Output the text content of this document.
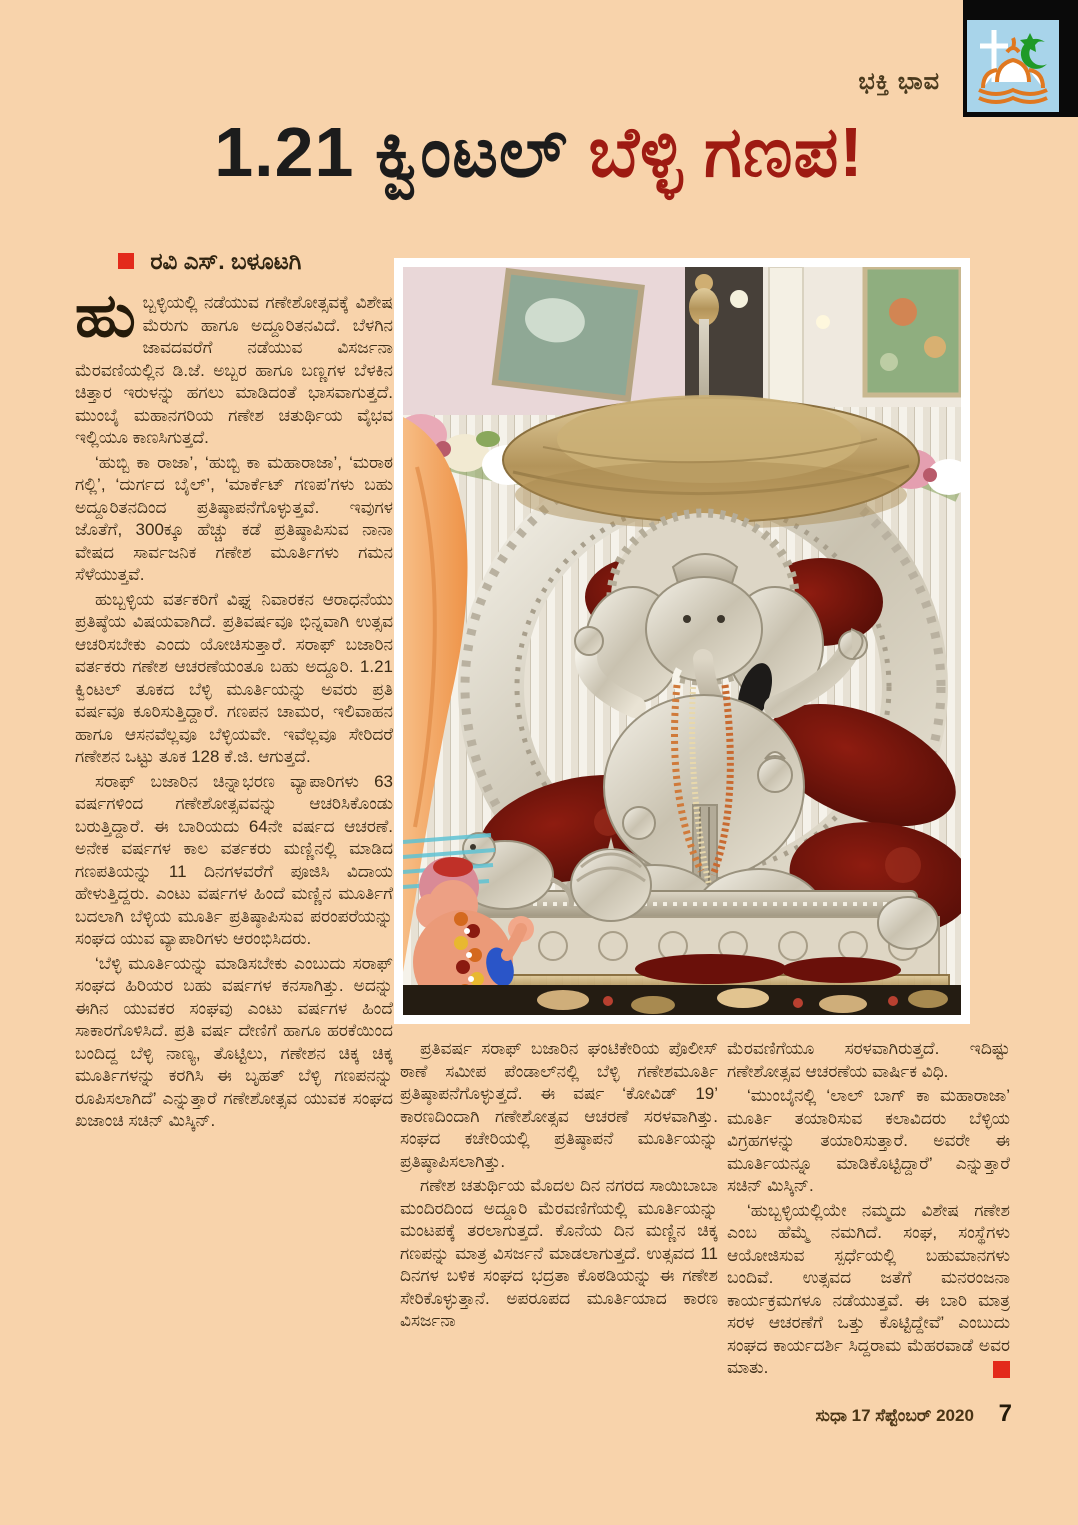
ಭಕ್ತಿ ಭಾವ
1.21 ಕ್ವಿಂಟಲ್ ಬೆಳ್ಳಿ ಗಣಪ!
ರವಿ ಎಸ್. ಬಳೂಟಗಿ

ಹುಬ್ಬಳ್ಳಿಯಲ್ಲಿ ನಡೆಯುವ ಗಣೇಶೋತ್ಸವಕ್ಕೆ ವಿಶೇಷ ಮೆರುಗು ಹಾಗೂ ಅದ್ದೂರಿತನವಿದೆ. ಬೆಳಗಿನ ಜಾವದವರೆಗೆ ನಡೆಯುವ ವಿಸರ್ಜನಾ ಮೆರವಣಿಯಲ್ಲಿನ ಡಿ.ಜೆ. ಅಬ್ಬರ ಹಾಗೂ ಬಣ್ಣಗಳ ಬೆಳಕಿನ ಚಿತ್ತಾರ ಇರುಳನ್ನು ಹಗಲು ಮಾಡಿದಂತೆ ಭಾಸವಾಗುತ್ತದೆ. ಮುಂಬೈ ಮಹಾನಗರಿಯ ಗಣೇಶ ಚತುರ್ಥಿಯ ವೈಭವ ಇಲ್ಲಿಯೂ ಕಾಣಸಿಗುತ್ತದೆ.

‘ಹುಬ್ಬಿ ಕಾ ರಾಜಾ’, ‘ಹುಬ್ಬಿ ಕಾ ಮಹಾರಾಜಾ’, ‘ಮರಾಠ ಗಲ್ಲಿ’, ‘ದುರ್ಗದ ಬೈಲ್’, ‘ಮಾರ್ಕೆಟ್ ಗಣಪ’ಗಳು ಬಹು ಅದ್ದೂರಿತನದಿಂದ ಪ್ರತಿಷ್ಠಾಪನೆಗೊಳ್ಳುತ್ತವೆ. ಇವುಗಳ ಜೊತೆಗೆ, 300ಕ್ಕೂ ಹೆಚ್ಚು ಕಡೆ ಪ್ರತಿಷ್ಠಾಪಿಸುವ ನಾನಾ ವೇಷದ ಸಾರ್ವಜನಿಕ ಗಣೇಶ ಮೂರ್ತಿಗಳು ಗಮನ ಸೆಳೆಯುತ್ತವೆ.

ಹುಬ್ಬಳ್ಳಿಯ ವರ್ತಕರಿಗೆ ವಿಘ್ನ ನಿವಾರಕನ ಆರಾಧನೆಯು ಪ್ರತಿಷ್ಠೆಯ ವಿಷಯವಾಗಿದೆ. ಪ್ರತಿವರ್ಷವೂ ಭಿನ್ನವಾಗಿ ಉತ್ಸವ ಆಚರಿಸಬೇಕು ಎಂದು ಯೋಚಿಸುತ್ತಾರೆ. ಸರಾಫ್ ಬಜಾರಿನ ವರ್ತಕರು ಗಣೇಶ ಆಚರಣೆಯಂತೂ ಬಹು ಅದ್ದೂರಿ. 1.21 ಕ್ವಿಂಟಲ್ ತೂಕದ ಬೆಳ್ಳಿ ಮೂರ್ತಿಯನ್ನು ಅವರು ಪ್ರತಿ ವರ್ಷವೂ ಕೂರಿಸುತ್ತಿದ್ದಾರೆ. ಗಣಪನ ಚಾಮರ, ಇಲಿವಾಹನ ಹಾಗೂ ಆಸನವೆಲ್ಲವೂ ಬೆಳ್ಳಿಯವೇ. ಇವೆಲ್ಲವೂ ಸೇರಿದರೆ ಗಣೇಶನ ಒಟ್ಟು ತೂಕ 128 ಕೆ.ಜಿ. ಆಗುತ್ತದೆ.

ಸರಾಫ್ ಬಜಾರಿನ ಚಿನ್ನಾಭರಣ ವ್ಯಾಪಾರಿಗಳು 63 ವರ್ಷಗಳಿಂದ ಗಣೇಶೋತ್ಸವವನ್ನು ಆಚರಿಸಿಕೊಂಡು ಬರುತ್ತಿದ್ದಾರೆ. ಈ ಬಾರಿಯದು 64ನೇ ವರ್ಷದ ಆಚರಣೆ. ಅನೇಕ ವರ್ಷಗಳ ಕಾಲ ವರ್ತಕರು ಮಣ್ಣಿನಲ್ಲಿ ಮಾಡಿದ ಗಣಪತಿಯನ್ನು 11 ದಿನಗಳವರೆಗೆ ಪೂಜಿಸಿ ವಿದಾಯ ಹೇಳುತ್ತಿದ್ದರು. ಎಂಟು ವರ್ಷಗಳ ಹಿಂದೆ ಮಣ್ಣಿನ ಮೂರ್ತಿಗೆ ಬದಲಾಗಿ ಬೆಳ್ಳಿಯ ಮೂರ್ತಿ ಪ್ರತಿಷ್ಠಾಪಿಸುವ ಪರಂಪರೆಯನ್ನು ಸಂಘದ ಯುವ ವ್ಯಾಪಾರಿಗಳು ಆರಂಭಿಸಿದರು.

‘ಬೆಳ್ಳಿ ಮೂರ್ತಿಯನ್ನು ಮಾಡಿಸಬೇಕು ಎಂಬುದು ಸರಾಫ್ ಸಂಘದ ಹಿರಿಯರ ಬಹು ವರ್ಷಗಳ ಕನಸಾಗಿತ್ತು. ಅದನ್ನು ಈಗಿನ ಯುವಕರ ಸಂಘವು ಎಂಟು ವರ್ಷಗಳ ಹಿಂದೆ ಸಾಕಾರಗೊಳಿಸಿದೆ. ಪ್ರತಿ ವರ್ಷ ದೇಣಿಗೆ ಹಾಗೂ ಹರಕೆಯಿಂದ ಬಂದಿದ್ದ ಬೆಳ್ಳಿ ನಾಣ್ಯ, ತೊಟ್ಟಿಲು, ಗಣೇಶನ ಚಿಕ್ಕ ಚಿಕ್ಕ ಮೂರ್ತಿಗಳನ್ನು ಕರಗಿಸಿ ಈ ಬೃಹತ್ ಬೆಳ್ಳಿ ಗಣಪನನ್ನು ರೂಪಿಸಲಾಗಿದೆ’ ಎನ್ನುತ್ತಾರೆ ಗಣೇಶೋತ್ಸವ ಯುವಕ ಸಂಘದ ಖಜಾಂಚಿ ಸಚಿನ್ ಮಿಸ್ಕಿನ್.

ಪ್ರತಿವರ್ಷ ಸರಾಫ್ ಬಜಾರಿನ ಘಂಟಿಕೇರಿಯ ಪೊಲೀಸ್ ಠಾಣೆ ಸಮೀಪ ಪೆಂಡಾಲ್‌ನಲ್ಲಿ ಬೆಳ್ಳಿ ಗಣೇಶಮೂರ್ತಿ ಪ್ರತಿಷ್ಠಾಪನೆಗೊಳ್ಳುತ್ತದೆ. ಈ ವರ್ಷ ‘ಕೋವಿಡ್ 19’ ಕಾರಣದಿಂದಾಗಿ ಗಣೇಶೋತ್ಸವ ಆಚರಣೆ ಸರಳವಾಗಿತ್ತು. ಸಂಘದ ಕಚೇರಿಯಲ್ಲಿ ಪ್ರತಿಷ್ಠಾಪನೆ ಮೂರ್ತಿಯನ್ನು ಪ್ರತಿಷ್ಠಾಪಿಸಲಾಗಿತ್ತು.

ಗಣೇಶ ಚತುರ್ಥಿಯ ಮೊದಲ ದಿನ ನಗರದ ಸಾಯಿಬಾಬಾ ಮಂದಿರದಿಂದ ಅದ್ದೂರಿ ಮೆರವಣಿಗೆಯಲ್ಲಿ ಮೂರ್ತಿಯನ್ನು ಮಂಟಪಕ್ಕೆ ತರಲಾಗುತ್ತದೆ. ಕೊನೆಯ ದಿನ ಮಣ್ಣಿನ ಚಿಕ್ಕ ಗಣಪನ್ನು ಮಾತ್ರ ವಿಸರ್ಜನೆ ಮಾಡಲಾಗುತ್ತದೆ. ಉತ್ಸವದ 11 ದಿನಗಳ ಬಳಿಕ ಸಂಘದ ಭದ್ರತಾ ಕೊಠಡಿಯನ್ನು ಈ ಗಣೇಶ ಸೇರಿಕೊಳ್ಳುತ್ತಾನೆ. ಅಪರೂಪದ ಮೂರ್ತಿಯಾದ ಕಾರಣ ವಿಸರ್ಜನಾ

ಮೆರವಣಿಗೆಯೂ ಸರಳವಾಗಿರುತ್ತದೆ. ಇದಿಷ್ಟು ಗಣೇಶೋತ್ಸವ ಆಚರಣೆಯ ವಾರ್ಷಿಕ ವಿಧಿ.

‘ಮುಂಬೈನಲ್ಲಿ ‘ಲಾಲ್ ಬಾಗ್ ಕಾ ಮಹಾರಾಜಾ’ ಮೂರ್ತಿ ತಯಾರಿಸುವ ಕಲಾವಿದರು ಬೆಳ್ಳಿಯ ವಿಗ್ರಹಗಳನ್ನು ತಯಾರಿಸುತ್ತಾರೆ. ಅವರೇ ಈ ಮೂರ್ತಿಯನ್ನೂ ಮಾಡಿಕೊಟ್ಟಿದ್ದಾರೆ’ ಎನ್ನುತ್ತಾರೆ ಸಚಿನ್ ಮಿಸ್ಕಿನ್.

‘ಹುಬ್ಬಳ್ಳಿಯಲ್ಲಿಯೇ ನಮ್ಮದು ವಿಶೇಷ ಗಣೇಶ ಎಂಬ ಹೆಮ್ಮೆ ನಮಗಿದೆ. ಸಂಘ, ಸಂಸ್ಥೆಗಳು ಆಯೋಜಿಸುವ ಸ್ಪರ್ಧೆಯಲ್ಲಿ ಬಹುಮಾನಗಳು ಬಂದಿವೆ. ಉತ್ಸವದ ಜತೆಗೆ ಮನರಂಜನಾ ಕಾರ್ಯಕ್ರಮಗಳೂ ನಡೆಯುತ್ತವೆ. ಈ ಬಾರಿ ಮಾತ್ರ ಸರಳ ಆಚರಣೆಗೆ ಒತ್ತು ಕೊಟ್ಟಿದ್ದೇವೆ’ ಎಂಬುದು ಸಂಘದ ಕಾರ್ಯದರ್ಶಿ ಸಿದ್ದರಾಮ ಮೆಹರವಾಡೆ ಅವರ ಮಾತು.

ಸುಧಾ 17 ಸೆಪ್ಟೆಂಬರ್ 2020 7
